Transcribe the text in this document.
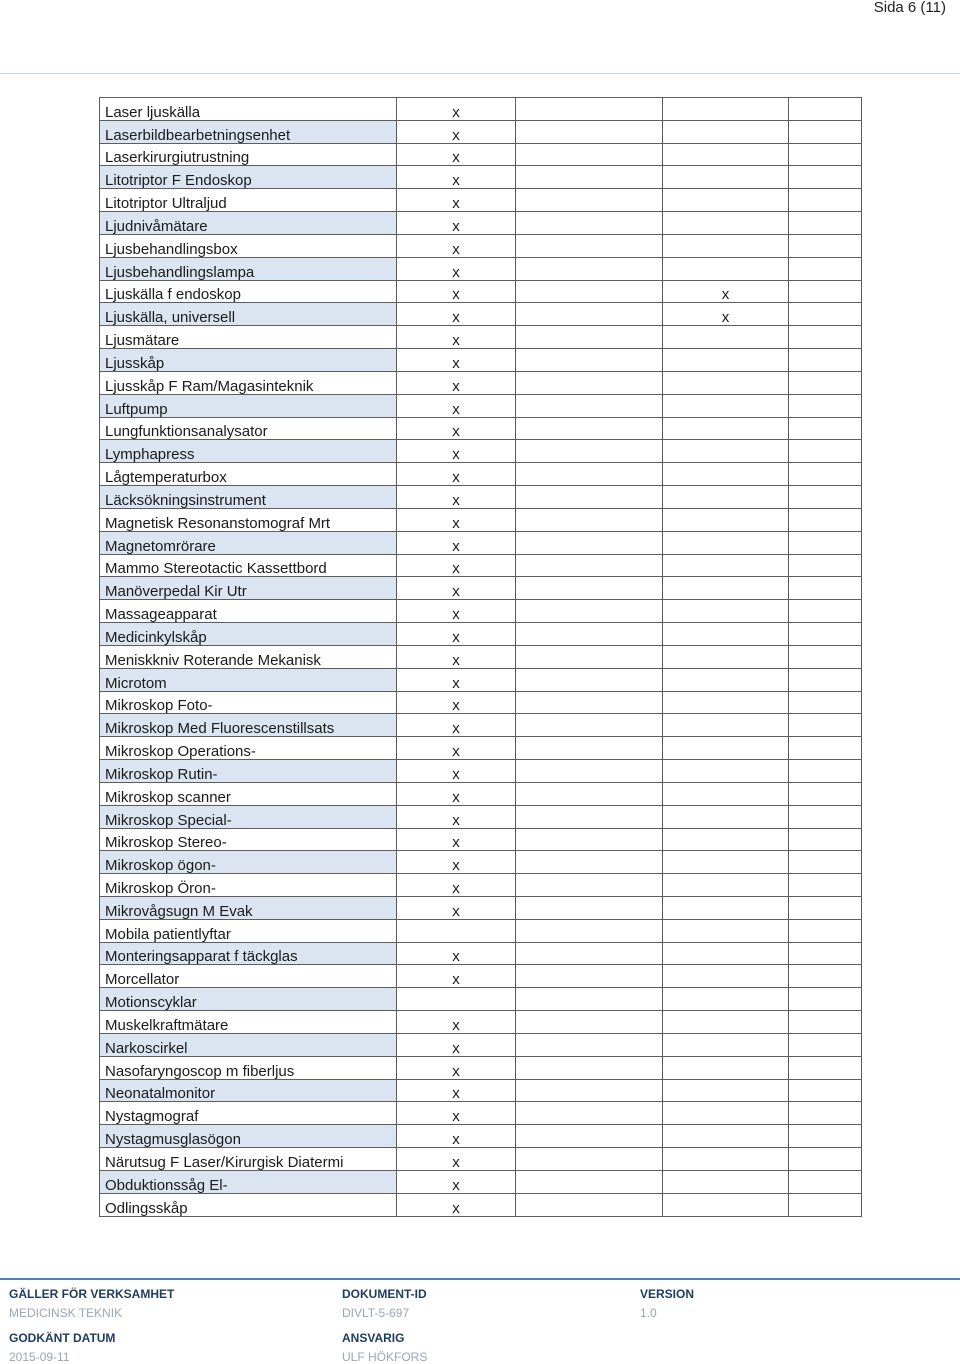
Sida 6 (11)
Laser ljuskälla	x			
Laserbildbearbetningsenhet	x			
Laserkirurgiutrustning	x			
Litotriptor F Endoskop	x			
Litotriptor Ultraljud	x			
Ljudnivåmätare	x			
Ljusbehandlingsbox	x			
Ljusbehandlingslampa	x			
Ljuskälla f endoskop	x		x	
Ljuskälla, universell	x		x	
Ljusmätare	x			
Ljusskåp	x			
Ljusskåp F Ram/Magasinteknik	x			
Luftpump	x			
Lungfunktionsanalysator	x			
Lymphapress	x			
Lågtemperaturbox	x			
Läcksökningsinstrument	x			
Magnetisk Resonanstomograf Mrt	x			
Magnetomrörare	x			
Mammo Stereotactic Kassettbord	x			
Manöverpedal Kir Utr	x			
Massageapparat	x			
Medicinkylskåp	x			
Meniskkniv Roterande Mekanisk	x			
Microtom	x			
Mikroskop Foto-	x			
Mikroskop Med Fluorescenstillsats	x			
Mikroskop Operations-	x			
Mikroskop Rutin-	x			
Mikroskop scanner	x			
Mikroskop Special-	x			
Mikroskop Stereo-	x			
Mikroskop ögon-	x			
Mikroskop Öron-	x			
Mikrovågsugn M Evak	x			
Mobila patientlyftar				
Monteringsapparat f täckglas	x			
Morcellator	x			
Motionscyklar				
Muskelkraftmätare	x			
Narkoscirkel	x			
Nasofaryngoscop m fiberljus	x			
Neonatalmonitor	x			
Nystagmograf	x			
Nystagmusglasögon	x			
Närutsug F Laser/Kirurgisk Diatermi	x			
Obduktionssåg El-	x			
Odlingsskåp	x			
GÄLLER FÖR VERKSAMHET
MEDICINSK TEKNIK
DOKUMENT-ID
DIVLT-5-697
VERSION
1.0
GODKÄNT DATUM
2015-09-11
ANSVARIG
ULF HÖKFORS
